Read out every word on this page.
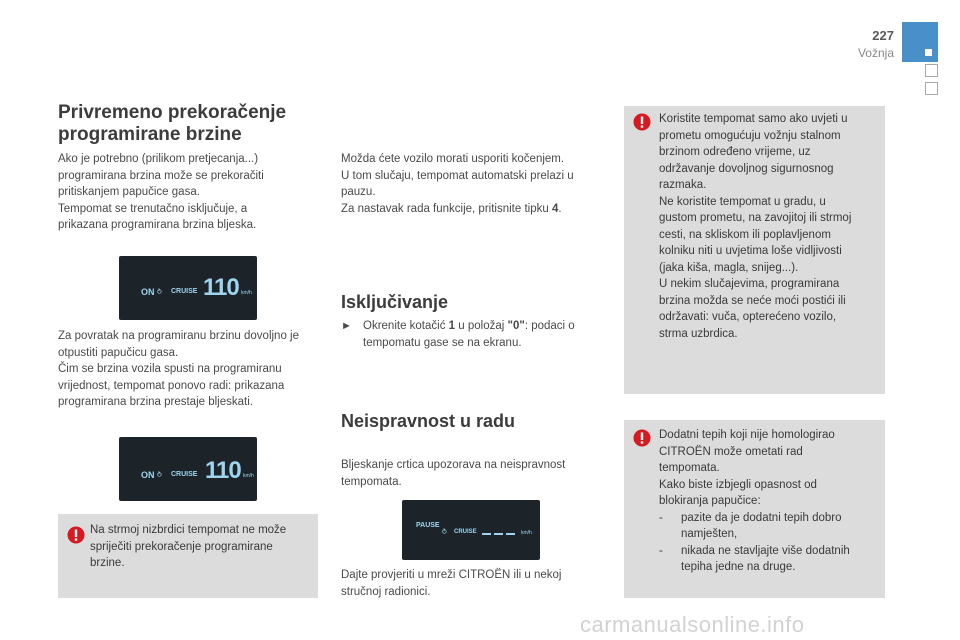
227
Vožnja
Privremeno prekoračenje programirane brzine

Ako je potrebno (prilikom pretjecanja...)

programirana brzina može se prekoračiti

pritiskanjem papučice gasa.

Tempomat se trenutačno isključuje, a

prikazana programirana brzina bljeska.

ON ⥁ CRUISE 110 km/h

Za povratak na programiranu brzinu dovoljno je

otpustiti papučicu gasa.

Čim se brzina vozila spusti na programiranu

vrijednost, tempomat ponovo radi: prikazana

programirana brzina prestaje bljeskati.

ON ⥁ CRUISE 110 km/h

Na strmoj nizbrdici tempomat ne može

spriječiti prekoračenje programirane

brzine.

Možda ćete vozilo morati usporiti kočenjem.

U tom slučaju, tempomat automatski prelazi u

pauzu.

Za nastavak rada funkcije, pritisnite tipku 4.

Isključivanje
► Okrenite kotačić 1 u položaj "0": podaci o

tempomatu gase se na ekranu.

Neispravnost u radu

Bljeskanje crtica upozorava na neispravnost

tempomata.

PAUSE
⥁ CRUISE	km/h

Dajte provjeriti u mreži CITROËN ili u nekoj

stručnoj radionici.

Koristite tempomat samo ako uvjeti u

prometu omogućuju vožnju stalnom

brzinom određeno vrijeme, uz

održavanje dovoljnog sigurnosnog

razmaka.

Ne koristite tempomat u gradu, u

gustom prometu, na zavojitoj ili strmoj

cesti, na skliskom ili poplavljenom

kolniku niti u uvjetima loše vidljivosti

(jaka kiša, magla, snijeg...).

U nekim slučajevima, programirana

brzina možda se neće moći postići ili

održavati: vuča, opterećeno vozilo,

strma uzbrdica.

Dodatni tepih koji nije homologirao

CITROËN može ometati rad

tempomata.

Kako biste izbjegli opasnost od

blokiranja papučice:

- pazite da je dodatni tepih dobro

namješten,

- nikada ne stavljajte više dodatnih

tepiha jedne na druge.

carmanualsonline.info
